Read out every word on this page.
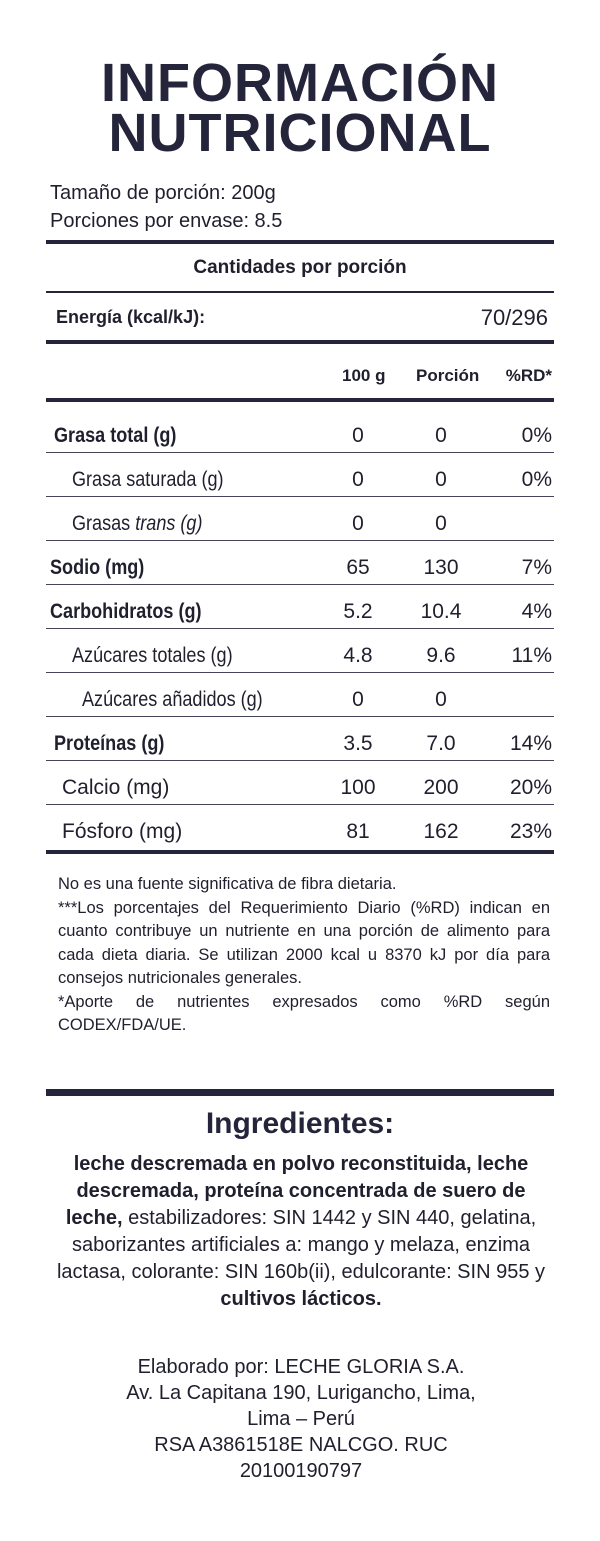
INFORMACIÓN
NUTRICIONAL
Tamaño de porción: 200g
Porciones por envase: 8.5
Cantidades por porción
Energía (kcal/kJ):	70/296
100 g Porción %RD*
Grasa total (g)	0	0	0%
Grasa saturada (g)	0	0	0%
Grasas trans (g)	0	0
Sodio (mg)	65	130	7%
Carbohidratos (g)	5.2	10.4	4%
Azúcares totales (g)	4.8	9.6	11%
Azúcares añadidos (g)	0	0
Proteínas (g)	3.5	7.0	14%
Calcio (mg)	100	200	20%
Fósforo (mg)	81	162	23%

No es una fuente significativa de fibra dietaria.

***Los porcentajes del Requerimiento Diario (%RD) indican en cuanto contribuye un nutriente en una porción de alimento para cada dieta diaria. Se utilizan 2000 kcal u 8370 kJ por día para consejos nutricionales generales.

*Aporte de nutrientes expresados como %RD según CODEX/FDA/UE.

Ingredientes:
leche descremada en polvo reconstituida, leche descremada, proteína concentrada de suero de leche, estabilizadores: SIN 1442 y SIN 440, gelatina, saborizantes artificiales a: mango y melaza, enzima lactasa, colorante: SIN 160b(ii), edulcorante: SIN 955 y cultivos lácticos.
Elaborado por: LECHE GLORIA S.A.
Av. La Capitana 190, Lurigancho, Lima,
Lima – Perú
RSA A3861518E NALCGO. RUC
20100190797
